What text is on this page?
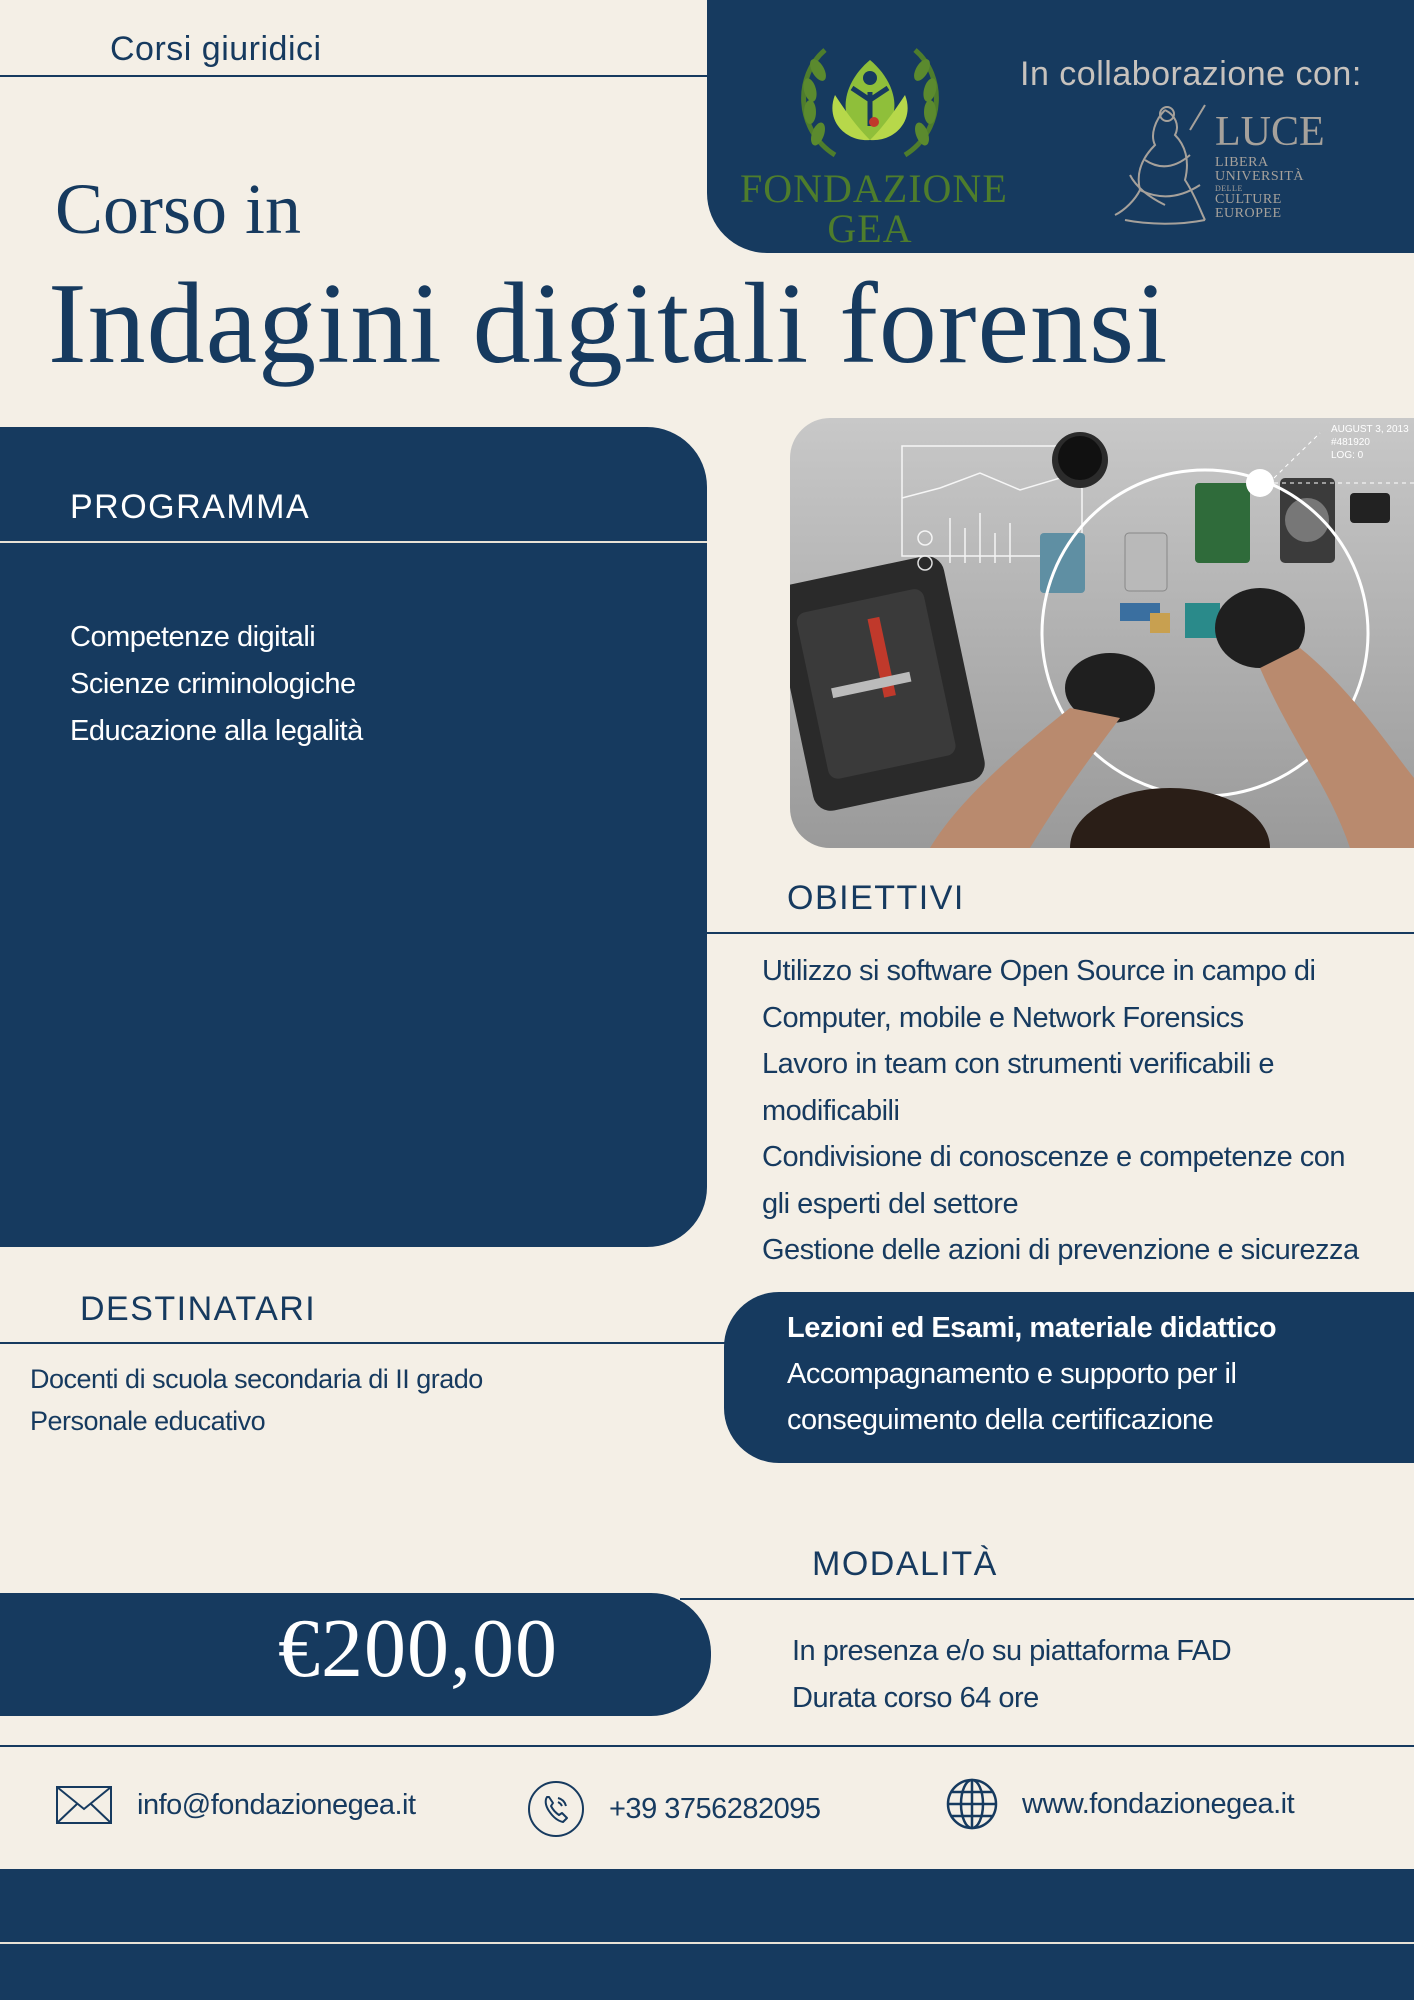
Corsi giuridici
FONDAZIONE
GEA
In collaborazione con:
LUCE
LIBERA
UNIVERSITÀ
DELLE
CULTURE
EUROPEE
Corso in
Indagini digitali forensi
PROGRAMMA
Competenze digitali
Scienze criminologiche
Educazione alla legalità
AUGUST 3, 2013
#481920
LOG: 0
OBIETTIVI
Utilizzo si software Open Source in campo di
Computer, mobile e Network Forensics
Lavoro in team con strumenti verificabili e
modificabili
Condivisione di conoscenze e competenze con
gli esperti del settore
Gestione delle azioni di prevenzione e sicurezza
DESTINATARI
Docenti di scuola secondaria di II grado
Personale educativo
Lezioni ed Esami, materiale didattico
Accompagnamento e supporto per il
conseguimento della certificazione
MODALITÀ
In presenza e/o su piattaforma FAD
Durata corso 64 ore
€200,00
info@fondazionegea.it	+39 3756282095	www.fondazionegea.it
